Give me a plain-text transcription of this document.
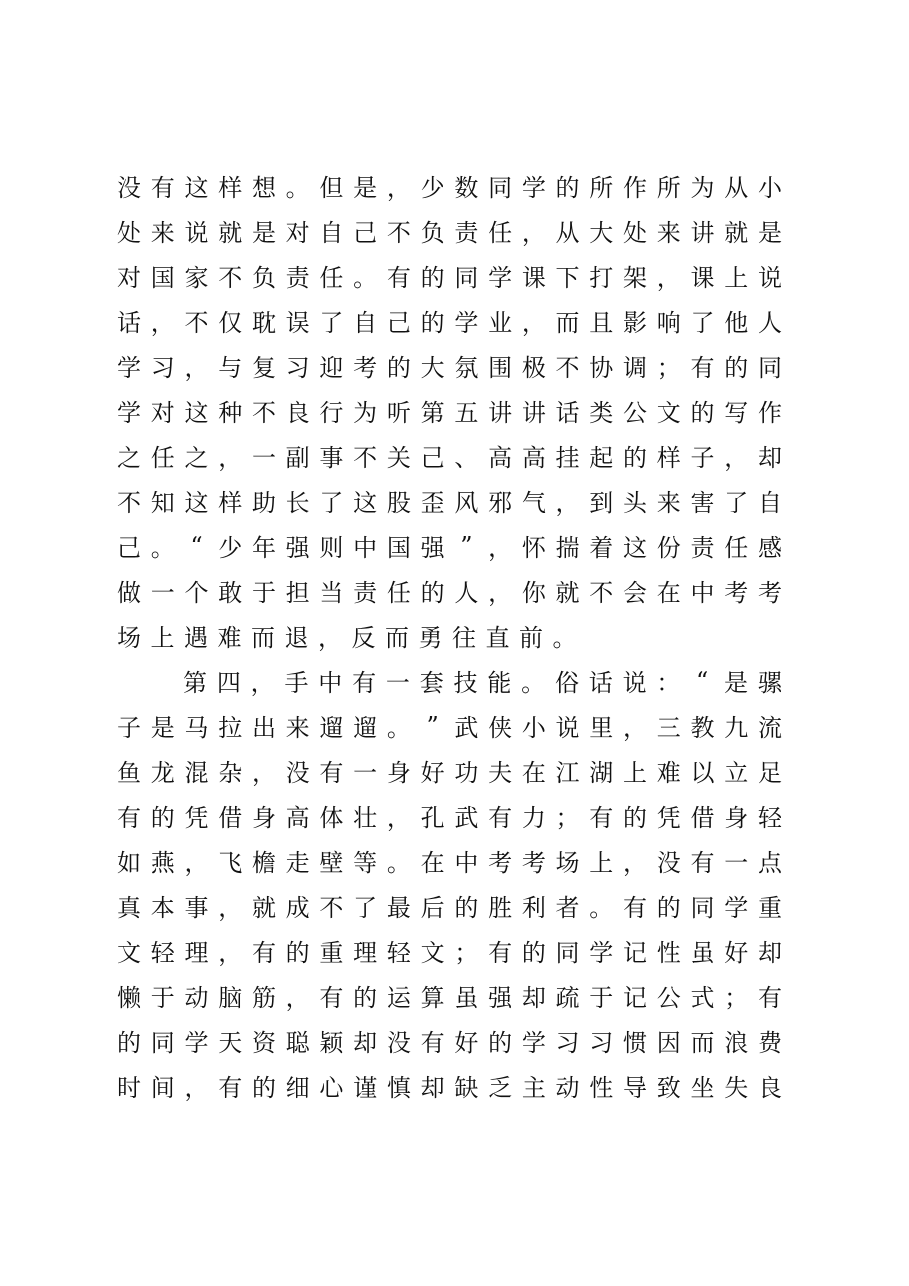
没 有 这 样 想 。 但 是 ， 少 数 同 学 的 所 作 所 为 从 小
处 来 说 就 是 对 自 己 不 负 责 任 ， 从 大 处 来 讲 就 是
对 国 家 不 负 责 任 。 有 的 同 学 课 下 打 架 ， 课 上 说
话 ， 不 仅 耽 误 了 自 己 的 学 业 ， 而 且 影 响 了 他 人
学 习 ， 与 复 习 迎 考 的 大 氛 围 极 不 协 调 ； 有 的 同
学 对 这 种 不 良 行 为 听 第 五 讲 讲 话 类 公 文 的 写 作
之 任 之 ， 一 副 事 不 关 己 、 高 高 挂 起 的 样 子 ， 却
不 知 这 样 助 长 了 这 股 歪 风 邪 气 ， 到 头 来 害 了 自
己 。 “ 少 年 强 则 中 国 强 ” ， 怀 揣 着 这 份 责 任 感
做 一 个 敢 于 担 当 责 任 的 人 ， 你 就 不 会 在 中 考 考
场 上 遇 难 而 退 ， 反 而 勇 往 直 前 。
第 四 ， 手 中 有 一 套 技 能 。 俗 话 说 ： “ 是 骡
子 是 马 拉 出 来 遛 遛 。 ” 武 侠 小 说 里 ， 三 教 九 流
鱼 龙 混 杂 ， 没 有 一 身 好 功 夫 在 江 湖 上 难 以 立 足
有 的 凭 借 身 高 体 壮 ， 孔 武 有 力 ； 有 的 凭 借 身 轻
如 燕 ， 飞 檐 走 壁 等 。 在 中 考 考 场 上 ， 没 有 一 点
真 本 事 ， 就 成 不 了 最 后 的 胜 利 者 。 有 的 同 学 重
文 轻 理 ， 有 的 重 理 轻 文 ； 有 的 同 学 记 性 虽 好 却
懒 于 动 脑 筋 ， 有 的 运 算 虽 强 却 疏 于 记 公 式 ； 有
的 同 学 天 资 聪 颖 却 没 有 好 的 学 习 习 惯 因 而 浪 费
时 间 ， 有 的 细 心 谨 慎 却 缺 乏 主 动 性 导 致 坐 失 良
